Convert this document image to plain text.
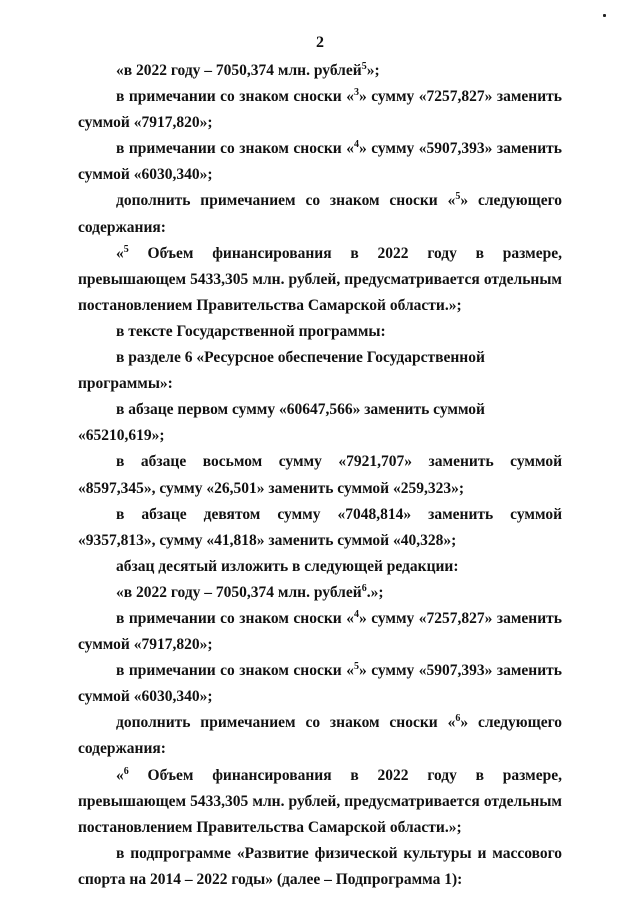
2

«в 2022 году – 7050,374 млн. рублей$^5$»;

в примечании со знаком сноски «$^3$» сумму «7257,827» заменить суммой «7917,820»;

в примечании со знаком сноски «$^4$» сумму «5907,393» заменить суммой «6030,340»;

дополнить примечанием со знаком сноски «$^5$» следующего содержания:

«$^5$ Объем финансирования в 2022 году в размере, превышающем 5433,305 млн. рублей, предусматривается отдельным постановлением Правительства Самарской области.»;

в тексте Государственной программы:

в разделе 6 «Ресурсное обеспечение Государственной программы»:

в абзаце первом сумму «60647,566» заменить суммой «65210,619»;

в абзаце восьмом сумму «7921,707» заменить суммой «8597,345», сумму «26,501» заменить суммой «259,323»;

в абзаце девятом сумму «7048,814» заменить суммой «9357,813», сумму «41,818» заменить суммой «40,328»;

абзац десятый изложить в следующей редакции:

«в 2022 году – 7050,374 млн. рублей$^6$.»;

в примечании со знаком сноски «$^4$» сумму «7257,827» заменить суммой «7917,820»;

в примечании со знаком сноски «$^5$» сумму «5907,393» заменить суммой «6030,340»;

дополнить примечанием со знаком сноски «$^6$» следующего содержания:

«$^6$ Объем финансирования в 2022 году в размере, превышающем 5433,305 млн. рублей, предусматривается отдельным постановлением Правительства Самарской области.»;

в подпрограмме «Развитие физической культуры и массового спорта на 2014 – 2022 годы» (далее – Подпрограмма 1):
